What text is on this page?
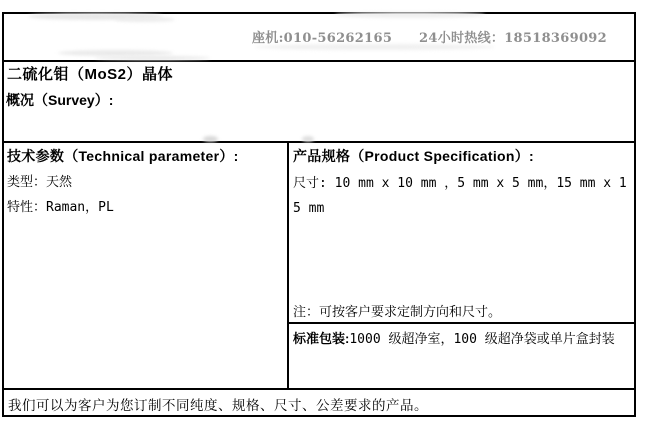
座机:010-56262165 24小时热线：18518369092
二硫化钼（MoS2）晶体
概况（Survey）:
技术参数（Technical parameter）:
类型：天然
特性：Raman，PL
产品规格（Product Specification）:
尺寸: 10 mm x 10 mm ，5 mm x 5 mm，15 mm x 15 mm
注：可按客户要求定制方向和尺寸。
标准包装:1000 级超净室，100 级超净袋或单片盒封装
我们可以为客户为您订制不同纯度、规格、尺寸、公差要求的产品。
